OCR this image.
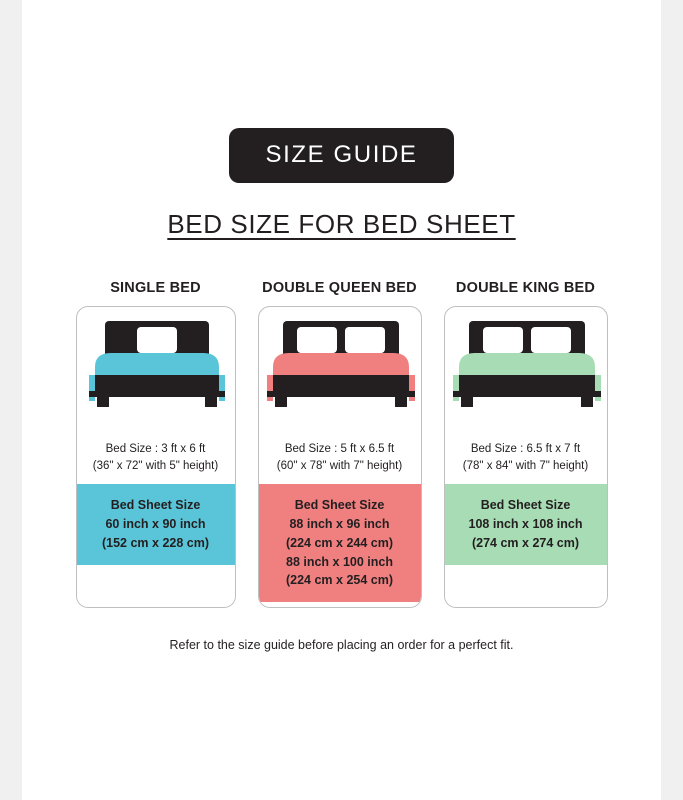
SIZE GUIDE
BED SIZE FOR BED SHEET
SINGLE BED
Bed Size : 3 ft x 6 ft
(36" x 72" with 5" height)
Bed Sheet Size
60 inch x 90 inch
(152 cm x 228 cm)
DOUBLE QUEEN BED
Bed Size : 5 ft x 6.5 ft
(60" x 78" with 7" height)
Bed Sheet Size
88 inch x 96 inch
(224 cm x 244 cm)
88 inch x 100 inch
(224 cm x 254 cm)
DOUBLE KING BED
Bed Size : 6.5 ft x 7 ft
(78" x 84" with 7" height)
Bed Sheet Size
108 inch x 108 inch
(274 cm x 274 cm)
Refer to the size guide before placing an order for a perfect fit.
